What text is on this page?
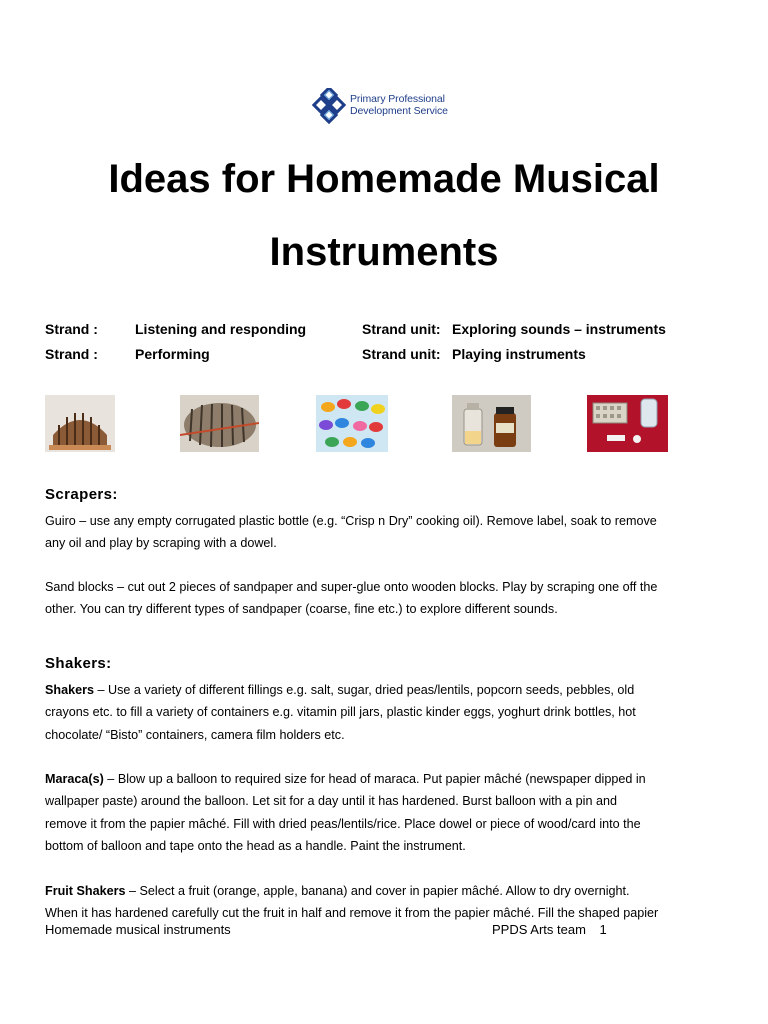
Primary Professional
Development Service
Ideas for Homemade Musical
Instruments
Strand :	Listening and responding	Strand unit: Exploring sounds – instruments
Strand :	Performing	Strand unit: Playing instruments
Scrapers:
Guiro – use any empty corrugated plastic bottle (e.g. “Crisp n Dry” cooking oil). Remove label, soak to remove
any oil and play by scraping with a dowel.
Sand blocks – cut out 2 pieces of sandpaper and super-glue onto wooden blocks. Play by scraping one off the
other. You can try different types of sandpaper (coarse, fine etc.) to explore different sounds.
Shakers:
Shakers – Use a variety of different fillings e.g. salt, sugar, dried peas/lentils, popcorn seeds, pebbles, old
crayons etc. to fill a variety of containers e.g. vitamin pill jars, plastic kinder eggs, yoghurt drink bottles, hot
chocolate/ “Bisto” containers, camera film holders etc.
Maraca(s) – Blow up a balloon to required size for head of maraca. Put papier mâché (newspaper dipped in
wallpaper paste) around the balloon. Let sit for a day until it has hardened. Burst balloon with a pin and
remove it from the papier mâché. Fill with dried peas/lentils/rice. Place dowel or piece of wood/card into the
bottom of balloon and tape onto the head as a handle. Paint the instrument.
Fruit Shakers – Select a fruit (orange, apple, banana) and cover in papier mâché. Allow to dry overnight.
When it has hardened carefully cut the fruit in half and remove it from the papier mâché. Fill the shaped papier
Homemade musical instruments	PPDS Arts team 1
